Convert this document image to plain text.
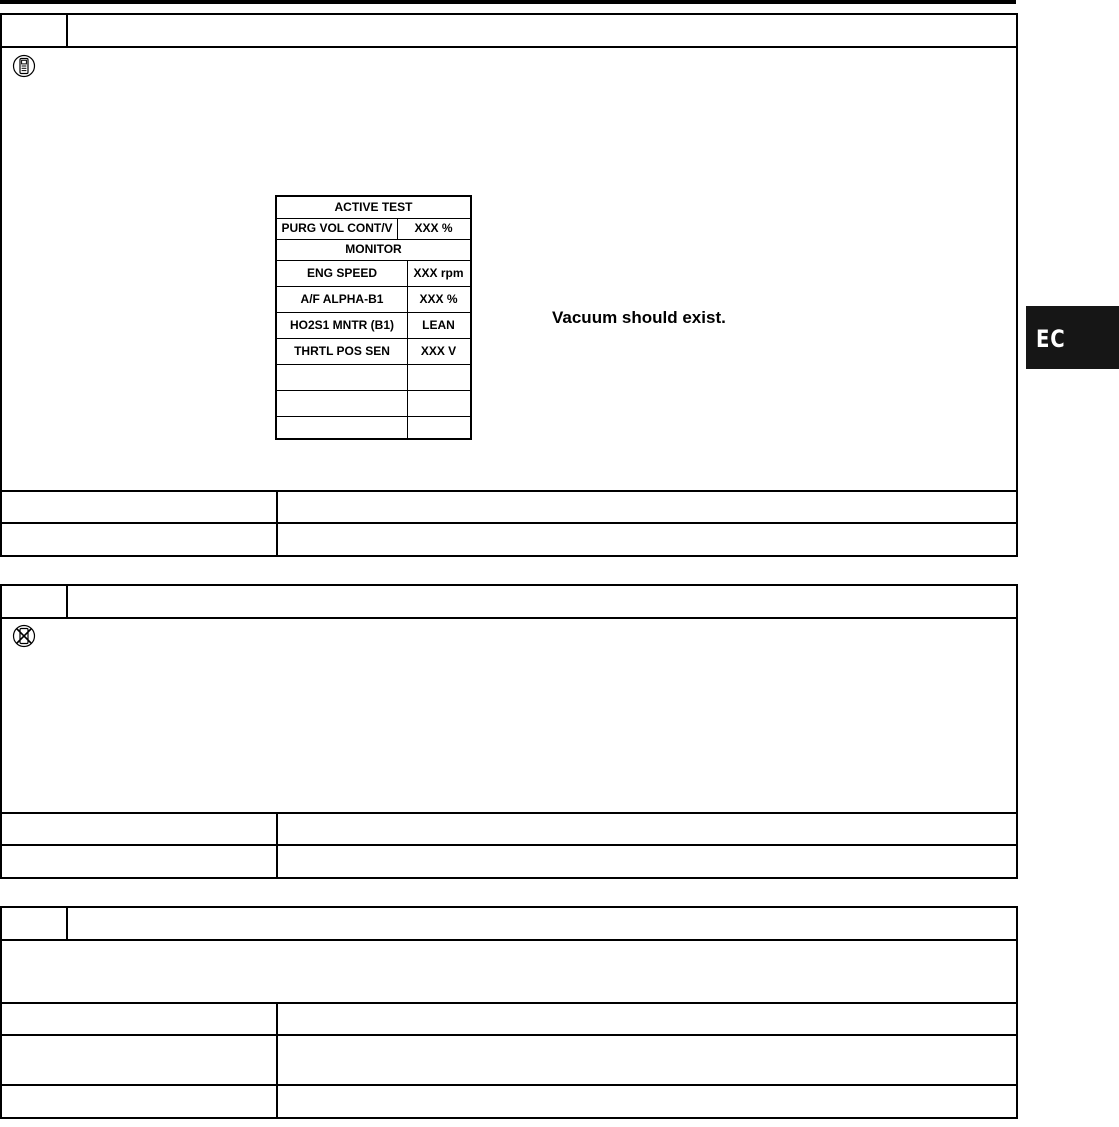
ACTIVE TEST
PURG VOL CONT/V	XXX %
MONITOR
ENG SPEED	XXX rpm
A/F ALPHA-B1	XXX %
HO2S1 MNTR (B1)	LEAN
THRTL POS SEN	XXX V
Vacuum should exist.
EC
